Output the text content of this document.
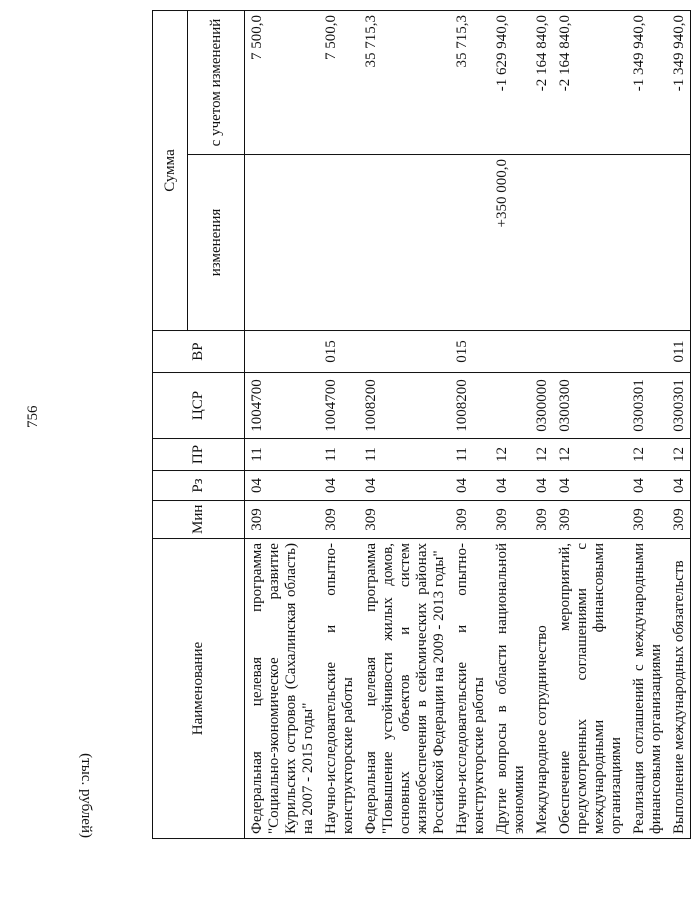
756
(тыс. рублей)
Наименование	Мин	Рз	ПР	ЦСР	ВР	Сумма	
						изменения	с учетом изменений
Федеральная целевая программа "Социально-экономическое развитие Курильских островов (Сахалинская область) на 2007 - 2015 годы"	309	04	11	1004700			7 500,0
Научно-исследовательские и опытно-конструкторские работы	309	04	11	1004700	015		7 500,0
Федеральная целевая программа "Повышение устойчивости жилых домов, основных объектов и систем жизнеобеспечения в сейсмических районах Российской Федерации на 2009 - 2013 годы"	309	04	11	1008200			35 715,3
Научно-исследовательские и опытно-конструкторские работы	309	04	11	1008200	015		35 715,3
Другие вопросы в области национальной экономики	309	04	12			+350 000,0	-1 629 940,0
Международное сотрудничество	309	04	12	0300000			-2 164 840,0
Обеспечение мероприятий, предусмотренных соглашениями с международными финансовыми организациями	309	04	12	0300300			-2 164 840,0
Реализация соглашений с международными финансовыми организациями	309	04	12	0300301			-1 349 940,0
Выполнение международных обязательств	309	04	12	0300301	011		-1 349 940,0
